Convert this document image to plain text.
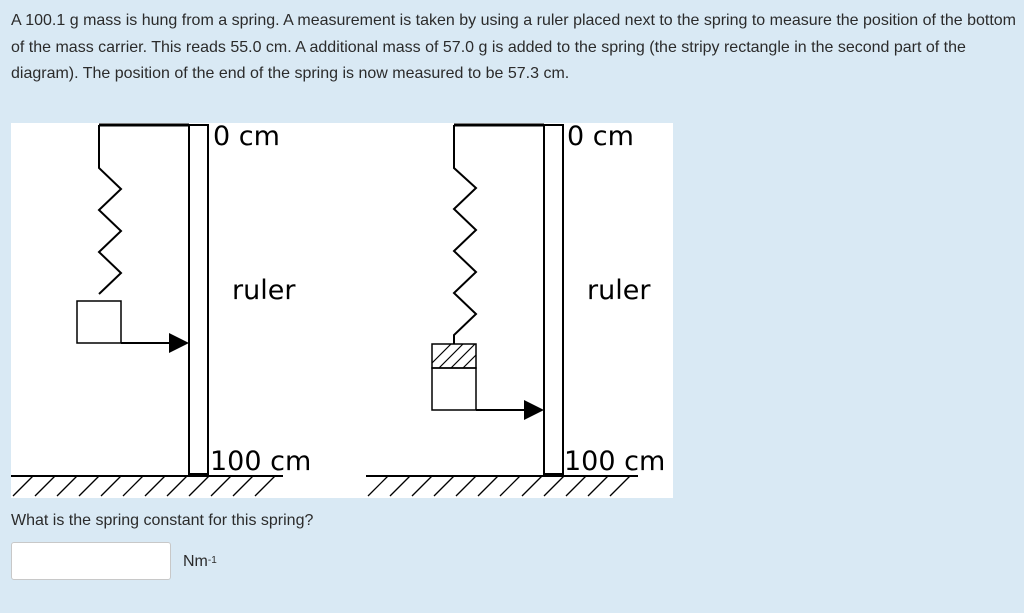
A 100.1 g mass is hung from a spring. A measurement is taken by using a ruler placed next to the spring to measure the position of the bottom of the mass carrier. This reads 55.0 cm. A additional mass of 57.0 g is added to the spring (the stripy rectangle in the second part of the diagram). The position of the end of the spring is now measured to be 57.3 cm.

0 cm
ruler
100 cm
0 cm
ruler
100 cm

What is the spring constant for this spring?

$Nm^{-1}$
